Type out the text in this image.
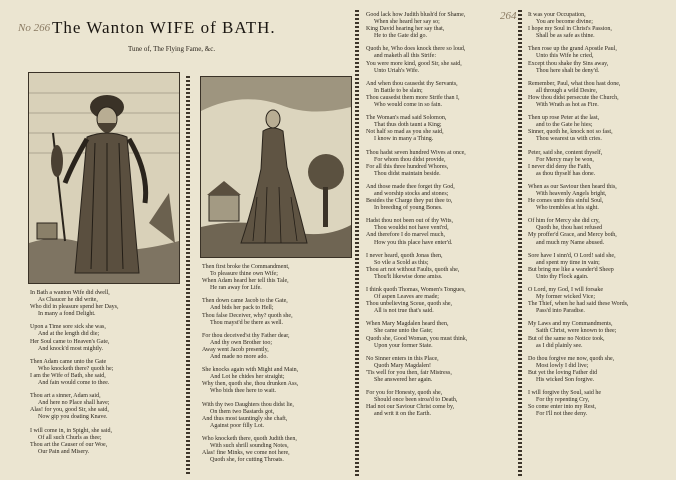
No 266
264
The Wanton WIFE of BATH.
Tune of, The Flying Fame, &c.
In Bath a wanton Wife did dwell,
As Chaucer he did write,
Who did in pleasure spend her Days,
In many a fond Delight.
Upon a Time sore sick she was,
And at the length did die;
Her Soul came to Heaven's Gate,
And knock'd most mightly.
Then Adam came unto the Gate
Who knocketh there? quoth he;
I am the Wife of Bath, she said,
And fain would come to thee.
Thou art a sinner, Adam said,
And here no Place shall have;
Alas! for you, good Sir, she said,
Now gip you doating Knave.
I will come in, in Spight, she said,
Of all such Churls as thee;
Thou art the Causer of our Woe,
Our Pain and Misery.
Then first broke the Commandment,
To pleasure thine own Wife;
When Adam heard her tell this Tale,
He ran away for Life.
Then down came Jacob to the Gate,
And bids her pack to Hell;
Thou false Deceiver, why? quoth she,
Thou mayst'd be there as well.
For thou deceived'st thy Father dear,
And thy own Brother too;
Away went Jacob presently,
And made no more ado.
She knocks again with Might and Main,
And Lot he chides her straight;
Why then, quoth she, thou drunken Ass,
Who bids thee here to wait.
With thy two Daughters thou didst lie,
On them two Bastards got,
And thus most tauntingly she chaft,
Against poor filly Lot.
Who knocketh there, quoth Judith then,
With such shrill sounding Notes,
Alas! fine Minks, we come not here,
Quoth she, for cutting Throats.
Good lack how Judith blush'd for Shame,
When she heard her say so;
King David hearing her say that,
He to the Gate did go.
Quoth he, Who does knock there so loud,
and maketh all this Strife:
You were more kind, good Sir, she said,
Unto Uriah's Wife.
And when thou causedst thy Servants,
In Battle to be slain;
Thou causedst them more Strife than I,
Who would come in so fain.
The Woman's mad said Solomon,
That thus doth taunt a King;
Not half so mad as you she said,
I know in many a Thing.
Thou hadst seven hundred Wives at once,
For whom thou didst provide,
For all this three hundred Whores,
Thou didst maintain beside.
And those made thee forget thy God,
and worship stocks and stones;
Besides the Charge they put thee to,
In breeding of young Bones.
Hadst thou not been out of thy Wits,
Thou wouldst not have vent'rd,
And therefore I do marvel much,
How you this place have enter'd.
I never heard, quoth Jonas then,
So vile a Scold as this;
Thou art not without Faults, quoth she,
Thou'lt likewise done amiss.
I think quoth Thomas, Women's Tongues,
Of aspen Leaves are made;
Thou unbelieving Sceue, quoth she,
All is not true that's said.
When Mary Magdalen heard then,
She came unto the Gate;
Quoth she, Good Woman, you must think,
Upon your former State.
No Sinner enters in this Place,
Quoth Mary Magdalen!
'Tis well for you then, fair Mistress,
She answered her again.
For you for Honesty, quoth she,
Should once been stroa'd to Death,
Had not our Saviour Christ come by,
and writ it on the Earth.
It was your Occupation,
You are become divine;
I hope my Soul in Christ's Passion,
Shall be as safe as thine.
Then rose up the grand Apostle Paul,
Unto this Wife he cried,
Except thou shake thy Sins away,
Thou here shalt be deny'd.
Remember, Paul, what thou hast done,
all through a wild Desire,
How thou didst persecute the Church,
With Wrath as hot as Fire.
Then up rose Peter at the last,
and to the Gate he hies;
Sinner, quoth he, knock not so fast,
Thou wearest us with cries.
Peter, said she, content thyself,
For Mercy may be won,
I never did deny the Faith,
as thou thyself has done.
When as our Saviour then heard this,
With heavenly Angels bright,
He comes unto this sinful Soul,
Who trembles at his sight.
Of him for Mercy she did cry,
Quoth he, thou hast refused
My proffer'd Grace, and Mercy both,
and much my Name abused.
Sore have I sinn'd, O Lord! said she,
and spent my time in vain;
But bring me like a wander'd Sheep
Unto thy Flock again.
O Lord, my God, I will forsake
My former wicked Vice;
The Thief, when he had said these Words,
Pass'd into Paradise.
My Laws and my Commandments,
Saith Christ, were known to thee;
But of the same no Notice took,
as I did plainly see.
Do thou forgive me now, quoth she,
Most lowly I did live;
But yet the loving Father did
His wicked Son forgive.
I will forgive thy Soul, said he
For thy repenting Cry,
So come enter into my Rest,
For I'll not thee deny.
